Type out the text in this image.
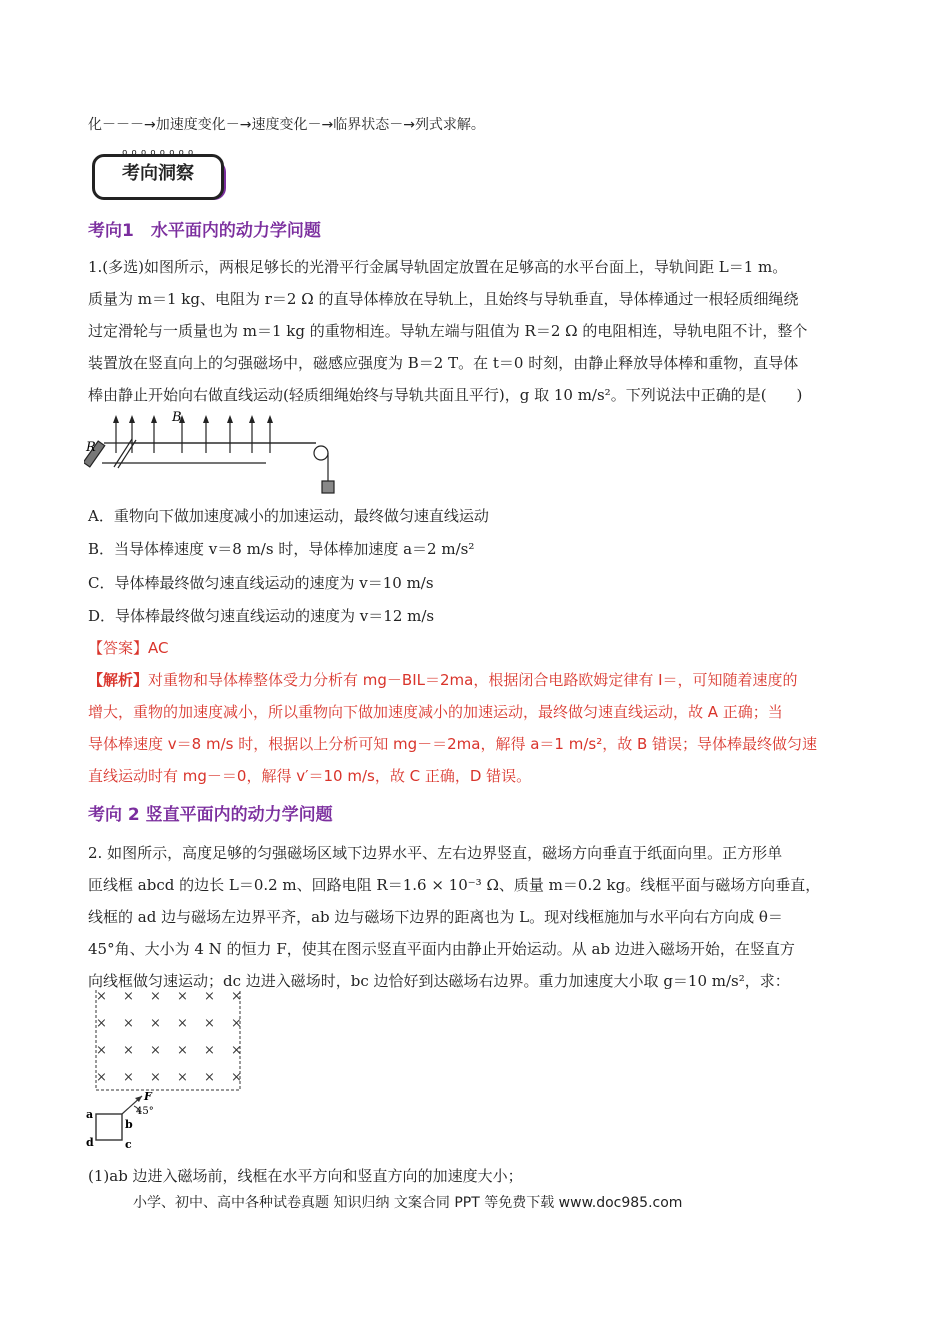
化－－－→加速度变化－→速度变化－→临界状态－→列式求解。
oooooooo
考向洞察
考向1　水平面内的动力学问题

1.(多选)如图所示，两根足够长的光滑平行金属导轨固定放置在足够高的水平台面上，导轨间距 L＝1 m。

质量为 m＝1 kg、电阻为 r＝2 Ω 的直导体棒放在导轨上，且始终与导轨垂直，导体棒通过一根轻质细绳绕

过定滑轮与一质量也为 m＝1 kg 的重物相连。导轨左端与阻值为 R＝2 Ω 的电阻相连，导轨电阻不计，整个

装置放在竖直向上的匀强磁场中，磁感应强度为 B＝2 T。在 t＝0 时刻，由静止释放导体棒和重物，直导体

棒由静止开始向右做直线运动(轻质细绳始终与导轨共面且平行)，g 取 10 m/s²。下列说法中正确的是(　　)

R
B
A．重物向下做加速度减小的加速运动，最终做匀速直线运动
B．当导体棒速度 v＝8 m/s 时，导体棒加速度 a＝2 m/s²
C．导体棒最终做匀速直线运动的速度为 v＝10 m/s
D．导体棒最终做匀速直线运动的速度为 v＝12 m/s
【答案】AC

【解析】对重物和导体棒整体受力分析有 mg－BIL＝2ma，根据闭合电路欧姆定律有 I＝，可知随着速度的

增大，重物的加速度减小，所以重物向下做加速度减小的加速运动，最终做匀速直线运动，故 A 正确；当

导体棒速度 v＝8 m/s 时，根据以上分析可知 mg－＝2ma，解得 a＝1 m/s²，故 B 错误；导体棒最终做匀速

直线运动时有 mg－＝0，解得 v′＝10 m/s，故 C 正确，D 错误。

考向 2 竖直平面内的动力学问题

2. 如图所示，高度足够的匀强磁场区域下边界水平、左右边界竖直，磁场方向垂直于纸面向里。正方形单

匝线框 abcd 的边长 L＝0.2 m、回路电阻 R＝1.6 × 10⁻³ Ω、质量 m＝0.2 kg。线框平面与磁场方向垂直，

线框的 ad 边与磁场左边界平齐，ab 边与磁场下边界的距离也为 L。现对线框施加与水平向右方向成 θ＝

45°角、大小为 4 N 的恒力 F，使其在图示竖直平面内由静止开始运动。从 ab 边进入磁场开始，在竖直方

向线框做匀速运动；dc 边进入磁场时，bc 边恰好到达磁场右边界。重力加速度大小取 g＝10 m/s²，求：

× × × × × ×
× × × × × ×
× × × × × ×
× × × × × ×
F
45°
a
b
c
d
(1)ab 边进入磁场前，线框在水平方向和竖直方向的加速度大小；
小学、初中、高中各种试卷真题 知识归纳 文案合同 PPT 等免费下载 www.doc985.com
